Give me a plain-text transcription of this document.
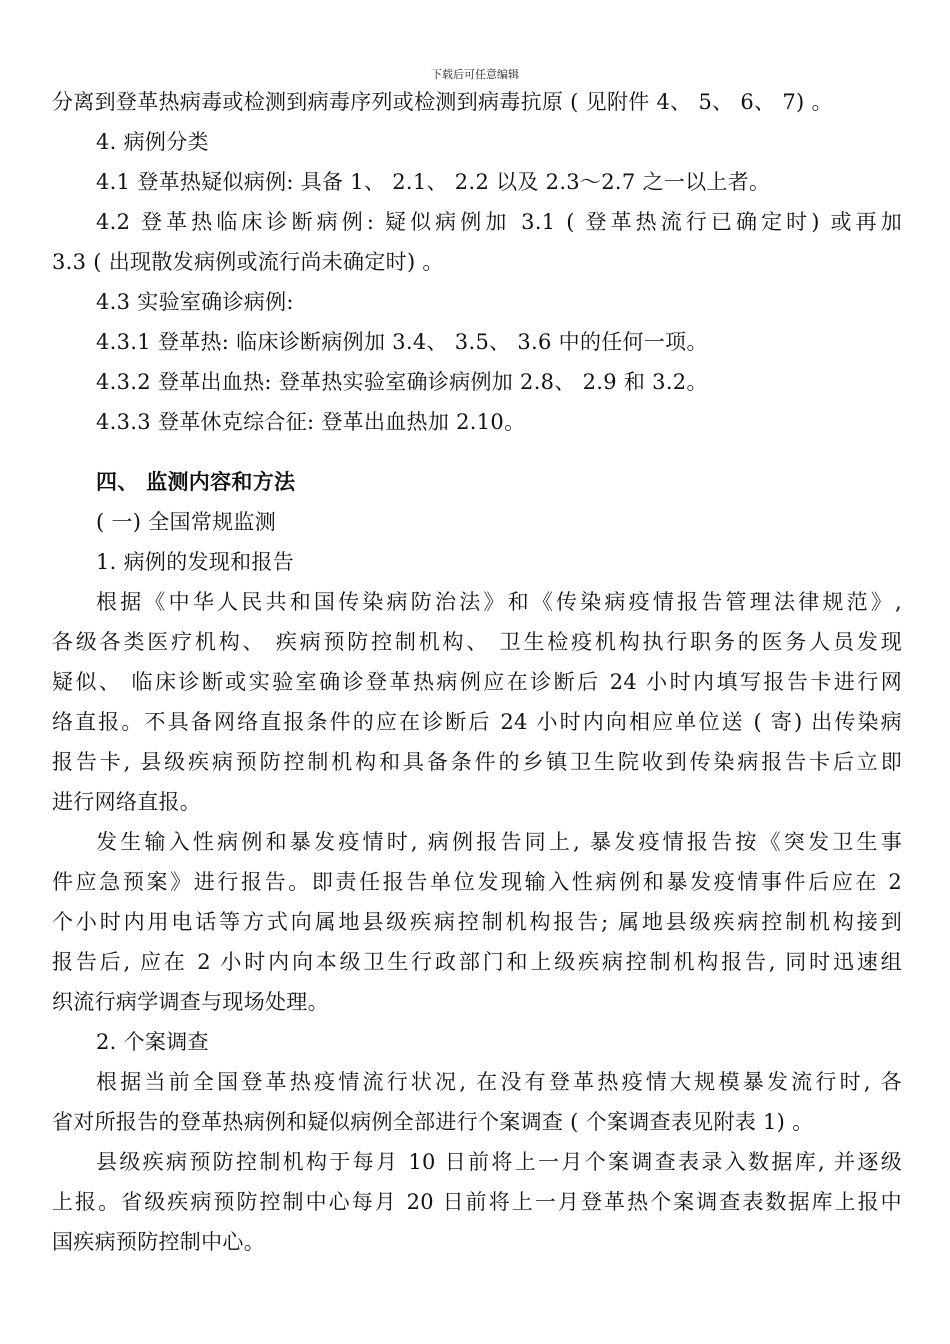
下载后可任意编辑
分离到登革热病毒或检测到病毒序列或检测到病毒抗原 ( 见附件 4、 5、 6、 7) 。
4. 病例分类
4.1 登革热疑似病例: 具备 1、 2.1、 2.2 以及 2.3～2.7 之一以上者。
4.2 登革热临床诊断病例: 疑似病例加 3.1 ( 登革热流行已确定时) 或再加
3.3 ( 出现散发病例或流行尚未确定时) 。
4.3 实验室确诊病例:
4.3.1 登革热: 临床诊断病例加 3.4、 3.5、 3.6 中的任何一项。
4.3.2 登革出血热: 登革热实验室确诊病例加 2.8、 2.9 和 3.2。
4.3.3 登革休克综合征: 登革出血热加 2.10。
四、 监测内容和方法
( 一) 全国常规监测
1. 病例的发现和报告
根据《中华人民共和国传染病防治法》和《传染病疫情报告管理法律规范》,
各级各类医疗机构、 疾病预防控制机构、 卫生检疫机构执行职务的医务人员发现
疑似、 临床诊断或实验室确诊登革热病例应在诊断后 24 小时内填写报告卡进行网
络直报。不具备网络直报条件的应在诊断后 24 小时内向相应单位送 ( 寄) 出传染病
报告卡, 县级疾病预防控制机构和具备条件的乡镇卫生院收到传染病报告卡后立即
进行网络直报。
发生输入性病例和暴发疫情时, 病例报告同上, 暴发疫情报告按《突发卫生事
件应急预案》进行报告。即责任报告单位发现输入性病例和暴发疫情事件后应在 2
个小时内用电话等方式向属地县级疾病控制机构报告; 属地县级疾病控制机构接到
报告后, 应在 2 小时内向本级卫生行政部门和上级疾病控制机构报告, 同时迅速组
织流行病学调查与现场处理。
2. 个案调查
根据当前全国登革热疫情流行状况, 在没有登革热疫情大规模暴发流行时, 各
省对所报告的登革热病例和疑似病例全部进行个案调查 ( 个案调查表见附表 1) 。
县级疾病预防控制机构于每月 10 日前将上一月个案调查表录入数据库, 并逐级
上报。省级疾病预防控制中心每月 20 日前将上一月登革热个案调查表数据库上报中
国疾病预防控制中心。
